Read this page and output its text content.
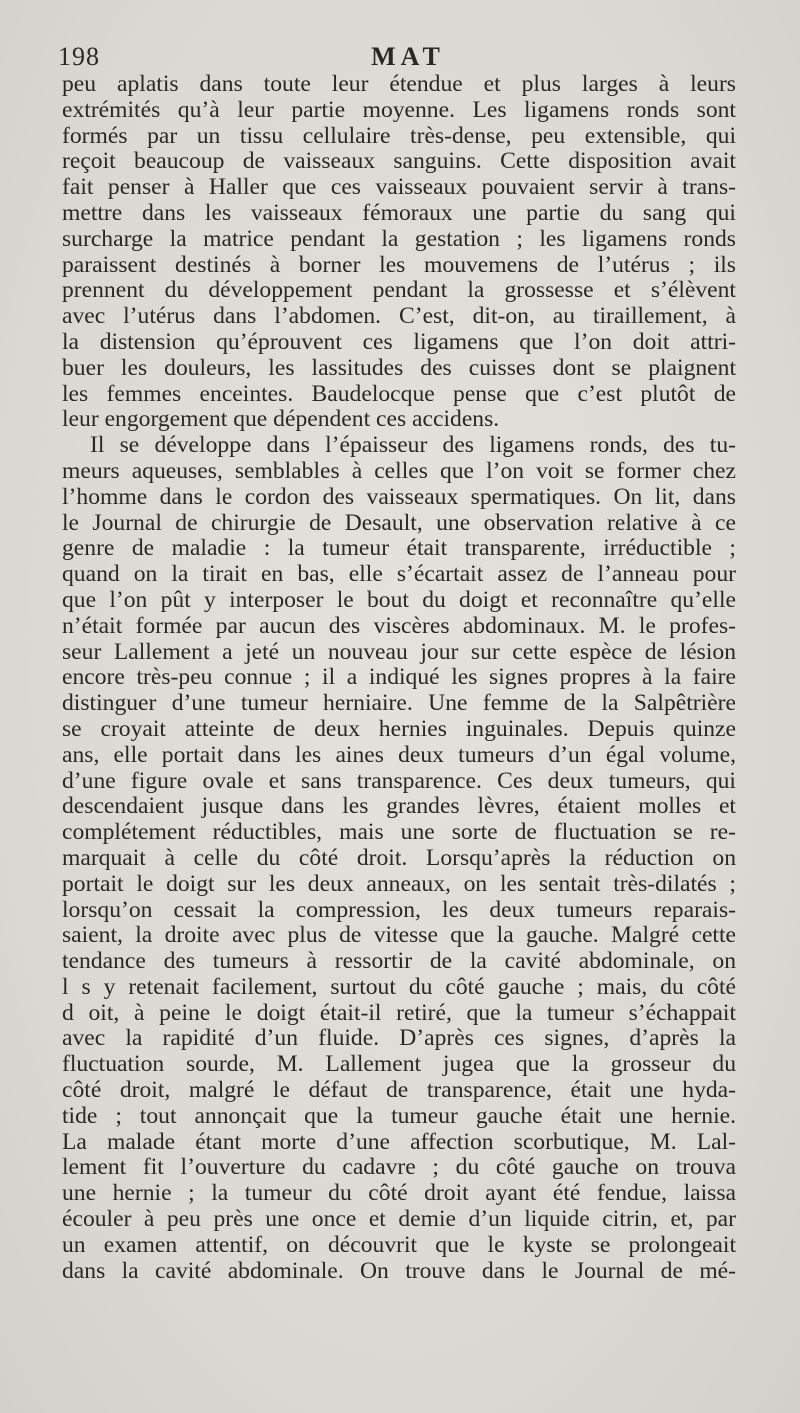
198	MAT
peu aplatis dans toute leur étendue et plus larges à leurs
extrémités qu’à leur partie moyenne. Les ligamens ronds sont
formés par un tissu cellulaire très-dense, peu extensible, qui
reçoit beaucoup de vaisseaux sanguins. Cette disposition avait
fait penser à Haller que ces vaisseaux pouvaient servir à trans-
mettre dans les vaisseaux fémoraux une partie du sang qui
surcharge la matrice pendant la gestation ; les ligamens ronds
paraissent destinés à borner les mouvemens de l’utérus ; ils
prennent du développement pendant la grossesse et s’élèvent
avec l’utérus dans l’abdomen. C’est, dit-on, au tiraillement, à
la distension qu’éprouvent ces ligamens que l’on doit attri-
buer les douleurs, les lassitudes des cuisses dont se plaignent
les femmes enceintes. Baudelocque pense que c’est plutôt de
leur engorgement que dépendent ces accidens.
Il se développe dans l’épaisseur des ligamens ronds, des tu-
meurs aqueuses, semblables à celles que l’on voit se former chez
l’homme dans le cordon des vaisseaux spermatiques. On lit, dans
le Journal de chirurgie de Desault, une observation relative à ce
genre de maladie : la tumeur était transparente, irréductible ;
quand on la tirait en bas, elle s’écartait assez de l’anneau pour
que l’on pût y interposer le bout du doigt et reconnaître qu’elle
n’était formée par aucun des viscères abdominaux. M. le profes-
seur Lallement a jeté un nouveau jour sur cette espèce de lésion
encore très-peu connue ; il a indiqué les signes propres à la faire
distinguer d’une tumeur herniaire. Une femme de la Salpêtrière
se croyait atteinte de deux hernies inguinales. Depuis quinze
ans, elle portait dans les aines deux tumeurs d’un égal volume,
d’une figure ovale et sans transparence. Ces deux tumeurs, qui
descendaient jusque dans les grandes lèvres, étaient molles et
complétement réductibles, mais une sorte de fluctuation se re-
marquait à celle du côté droit. Lorsqu’après la réduction on
portait le doigt sur les deux anneaux, on les sentait très-dilatés ;
lorsqu’on cessait la compression, les deux tumeurs reparais-
saient, la droite avec plus de vitesse que la gauche. Malgré cette
tendance des tumeurs à ressortir de la cavité abdominale, on
l s y retenait facilement, surtout du côté gauche ; mais, du côté
d oit, à peine le doigt était-il retiré, que la tumeur s’échappait
avec la rapidité d’un fluide. D’après ces signes, d’après la
fluctuation sourde, M. Lallement jugea que la grosseur du
côté droit, malgré le défaut de transparence, était une hyda-
tide ; tout annonçait que la tumeur gauche était une hernie.
La malade étant morte d’une affection scorbutique, M. Lal-
lement fit l’ouverture du cadavre ; du côté gauche on trouva
une hernie ; la tumeur du côté droit ayant été fendue, laissa
écouler à peu près une once et demie d’un liquide citrin, et, par
un examen attentif, on découvrit que le kyste se prolongeait
dans la cavité abdominale. On trouve dans le Journal de mé-
